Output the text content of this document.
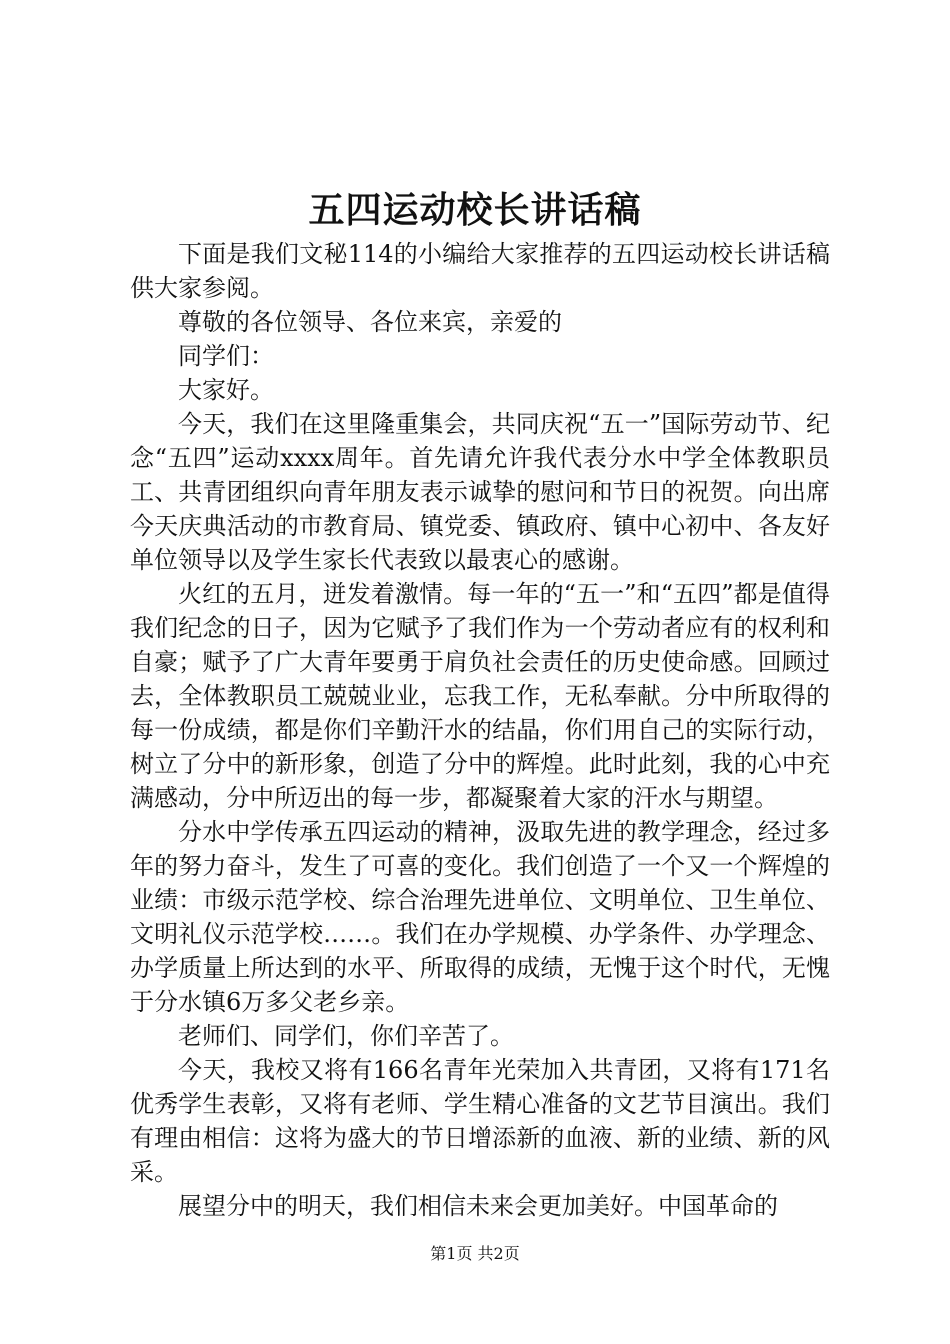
五四运动校长讲话稿

下面是我们文秘114的小编给大家推荐的五四运动校长讲话稿供大家参阅。

尊敬的各位领导、各位来宾，亲爱的

同学们：

大家好。

今天，我们在这里隆重集会，共同庆祝“五一”国际劳动节、纪念“五四”运动xxxx周年。首先请允许我代表分水中学全体教职员工、共青团组织向青年朋友表示诚挚的慰问和节日的祝贺。向出席今天庆典活动的市教育局、镇党委、镇政府、镇中心初中、各友好单位领导以及学生家长代表致以最衷心的感谢。

火红的五月，迸发着激情。每一年的“五一”和“五四”都是值得我们纪念的日子，因为它赋予了我们作为一个劳动者应有的权利和自豪；赋予了广大青年要勇于肩负社会责任的历史使命感。回顾过去，全体教职员工兢兢业业，忘我工作，无私奉献。分中所取得的每一份成绩，都是你们辛勤汗水的结晶，你们用自己的实际行动，树立了分中的新形象，创造了分中的辉煌。此时此刻，我的心中充满感动，分中所迈出的每一步，都凝聚着大家的汗水与期望。

分水中学传承五四运动的精神，汲取先进的教学理念，经过多年的努力奋斗，发生了可喜的变化。我们创造了一个又一个辉煌的业绩：市级示范学校、综合治理先进单位、文明单位、卫生单位、文明礼仪示范学校……。我们在办学规模、办学条件、办学理念、办学质量上所达到的水平、所取得的成绩，无愧于这个时代，无愧于分水镇6万多父老乡亲。

老师们、同学们，你们辛苦了。

今天，我校又将有166名青年光荣加入共青团，又将有171名优秀学生表彰，又将有老师、学生精心准备的文艺节目演出。我们有理由相信：这将为盛大的节日增添新的血液、新的业绩、新的风采。

展望分中的明天，我们相信未来会更加美好。中国革命的

第1页 共2页
